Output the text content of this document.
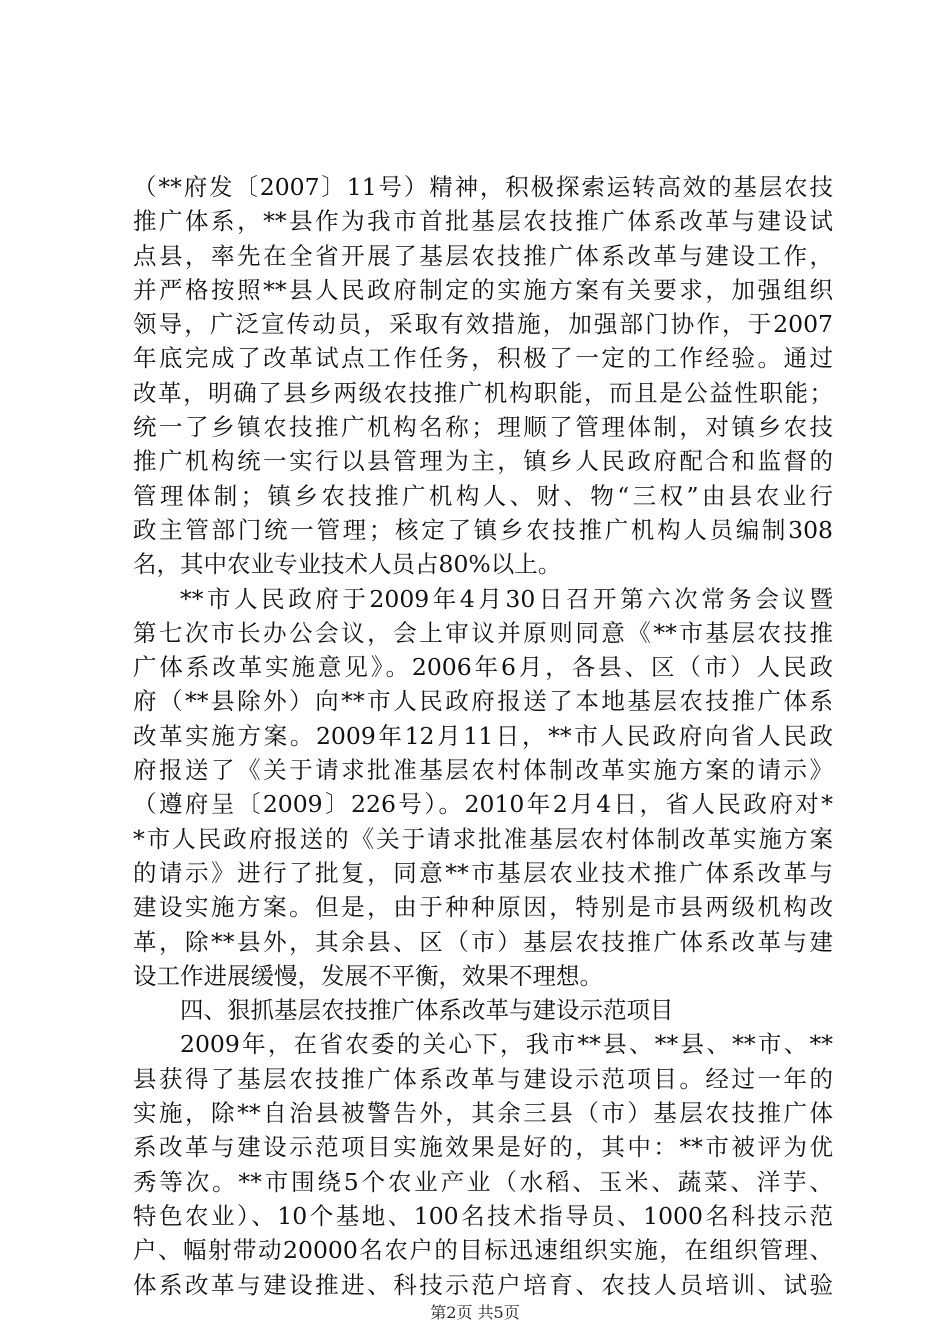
（**府发〔2007〕11号）精神，积极探索运转高效的基层农技
推广体系，**县作为我市首批基层农技推广体系改革与建设试
点县，率先在全省开展了基层农技推广体系改革与建设工作，
并严格按照**县人民政府制定的实施方案有关要求，加强组织
领导，广泛宣传动员，采取有效措施，加强部门协作，于2007
年底完成了改革试点工作任务，积极了一定的工作经验。通过
改革，明确了县乡两级农技推广机构职能，而且是公益性职能；
统一了乡镇农技推广机构名称；理顺了管理体制，对镇乡农技
推广机构统一实行以县管理为主，镇乡人民政府配合和监督的
管理体制；镇乡农技推广机构人、财、物“三权”由县农业行
政主管部门统一管理；核定了镇乡农技推广机构人员编制308
名，其中农业专业技术人员占80%以上。
**市人民政府于2009年4月30日召开第六次常务会议暨
第七次市长办公会议，会上审议并原则同意《**市基层农技推
广体系改革实施意见》。2006年6月，各县、区（市）人民政
府（**县除外）向**市人民政府报送了本地基层农技推广体系
改革实施方案。2009年12月11日，**市人民政府向省人民政
府报送了《关于请求批准基层农村体制改革实施方案的请示》
（遵府呈〔2009〕226号）。2010年2月4日，省人民政府对*
*市人民政府报送的《关于请求批准基层农村体制改革实施方案
的请示》进行了批复，同意**市基层农业技术推广体系改革与
建设实施方案。但是，由于种种原因，特别是市县两级机构改
革，除**县外，其余县、区（市）基层农技推广体系改革与建
设工作进展缓慢，发展不平衡，效果不理想。
四、狠抓基层农技推广体系改革与建设示范项目
2009年，在省农委的关心下，我市**县、**县、**市、**
县获得了基层农技推广体系改革与建设示范项目。经过一年的
实施，除**自治县被警告外，其余三县（市）基层农技推广体
系改革与建设示范项目实施效果是好的，其中：**市被评为优
秀等次。**市围绕5个农业产业（水稻、玉米、蔬菜、洋芋、
特色农业）、10个基地、100名技术指导员、1000名科技示范
户、幅射带动20000名农户的目标迅速组织实施，在组织管理、
体系改革与建设推进、科技示范户培育、农技人员培训、试验
第2页 共5页
